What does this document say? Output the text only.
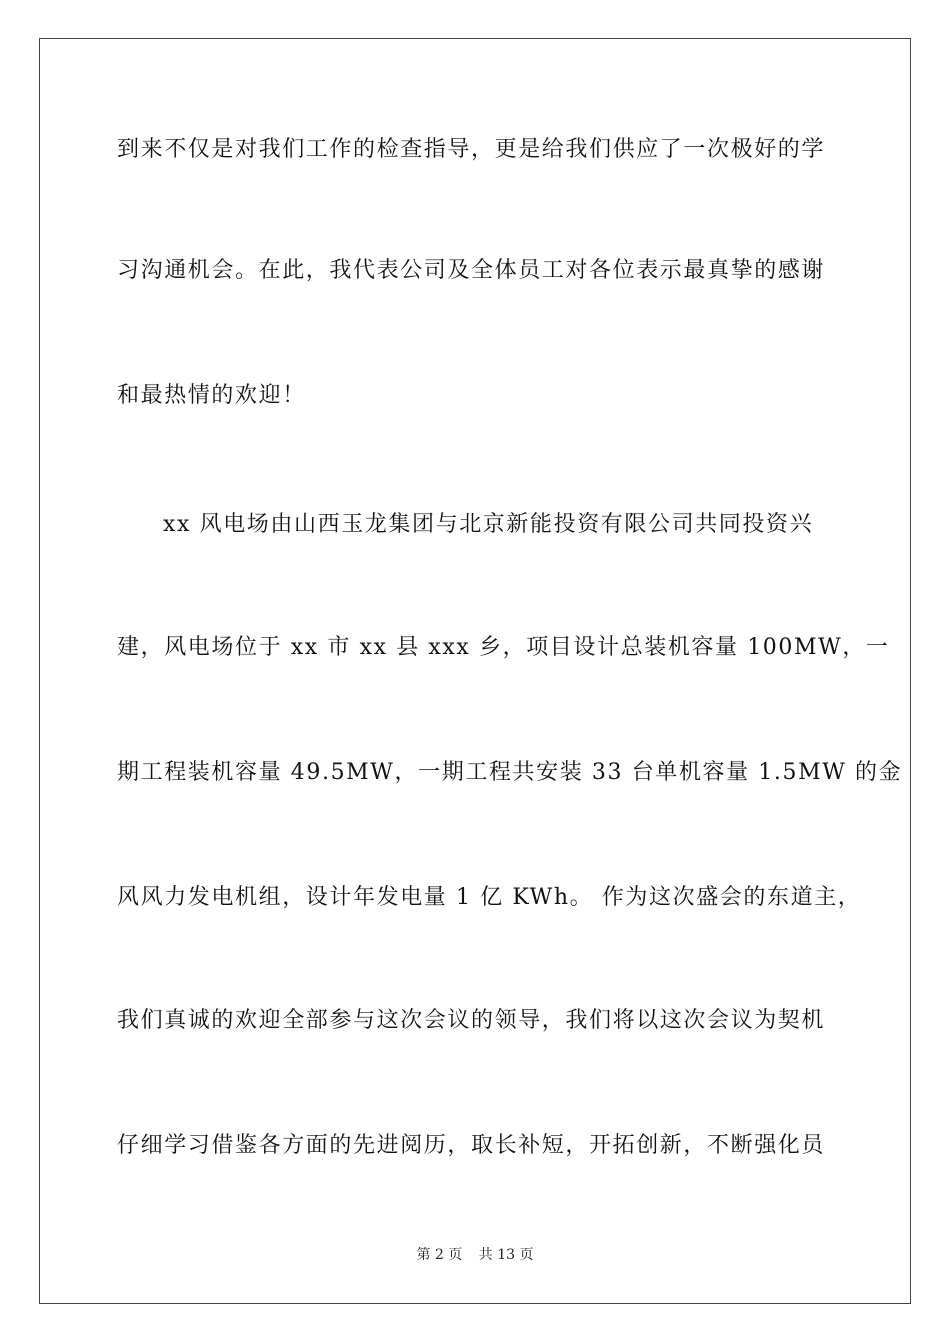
到来不仅是对我们工作的检查指导，更是给我们供应了一次极好的学
习沟通机会。在此，我代表公司及全体员工对各位表示最真挚的感谢
和最热情的欢迎！
xx 风电场由山西玉龙集团与北京新能投资有限公司共同投资兴
建，风电场位于 xx 市 xx 县 xxx 乡，项目设计总装机容量 100MW，一
期工程装机容量 49.5MW，一期工程共安装 33 台单机容量 1.5MW 的金
风风力发电机组，设计年发电量 1 亿 KWh。 作为这次盛会的东道主，
我们真诚的欢迎全部参与这次会议的领导，我们将以这次会议为契机
仔细学习借鉴各方面的先进阅历，取长补短，开拓创新，不断强化员
第 2 页 共 13 页
